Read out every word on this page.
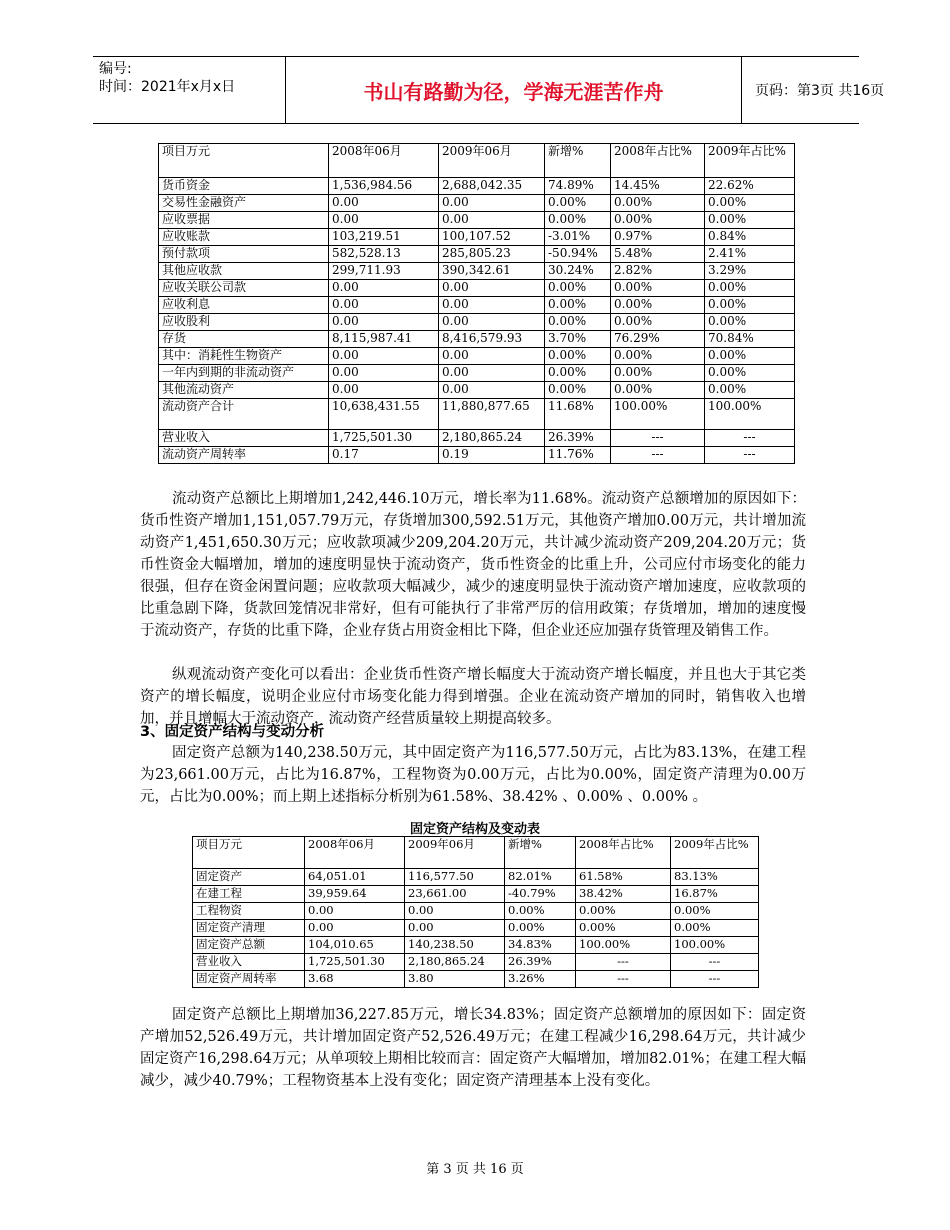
编号:
时间：2021年x月x日	书山有路勤为径，学海无涯苦作舟	页码：第3页 共16页
项目万元	2008年06月	2009年06月	新增%	2008年占比%	2009年占比%
货币资金	1,536,984.56	2,688,042.35	74.89%	14.45%	22.62%
交易性金融资产	0.00	0.00	0.00%	0.00%	0.00%
应收票据	0.00	0.00	0.00%	0.00%	0.00%
应收账款	103,219.51	100,107.52	-3.01%	0.97%	0.84%
预付款项	582,528.13	285,805.23	-50.94%	5.48%	2.41%
其他应收款	299,711.93	390,342.61	30.24%	2.82%	3.29%
应收关联公司款	0.00	0.00	0.00%	0.00%	0.00%
应收利息	0.00	0.00	0.00%	0.00%	0.00%
应收股利	0.00	0.00	0.00%	0.00%	0.00%
存货	8,115,987.41	8,416,579.93	3.70%	76.29%	70.84%
其中：消耗性生物资产	0.00	0.00	0.00%	0.00%	0.00%
一年内到期的非流动资产	0.00	0.00	0.00%	0.00%	0.00%
其他流动资产	0.00	0.00	0.00%	0.00%	0.00%
流动资产合计	10,638,431.55	11,880,877.65	11.68%	100.00%	100.00%
营业收入	1,725,501.30	2,180,865.24	26.39%	---	---
流动资产周转率	0.17	0.19	11.76%	---	---

流动资产总额比上期增加1,242,446.10万元，增长率为11.68%。流动资产总额增加的原因如下：货币性资产增加1,151,057.79万元，存货增加300,592.51万元，其他资产增加0.00万元，共计增加流动资产1,451,650.30万元；应收款项减少209,204.20万元，共计减少流动资产209,204.20万元；货币性资金大幅增加，增加的速度明显快于流动资产，货币性资金的比重上升，公司应付市场变化的能力很强，但存在资金闲置问题；应收款项大幅减少，减少的速度明显快于流动资产增加速度，应收款项的比重急剧下降，货款回笼情况非常好，但有可能执行了非常严厉的信用政策；存货增加，增加的速度慢于流动资产，存货的比重下降，企业存货占用资金相比下降，但企业还应加强存货管理及销售工作。

纵观流动资产变化可以看出：企业货币性资产增长幅度大于流动资产增长幅度，并且也大于其它类资产的增长幅度，说明企业应付市场变化能力得到增强。企业在流动资产增加的同时，销售收入也增加，并且增幅大于流动资产，流动资产经营质量较上期提高较多。

3、固定资产结构与变动分析

固定资产总额为140,238.50万元，其中固定资产为116,577.50万元，占比为83.13%，在建工程为23,661.00万元，占比为16.87%，工程物资为0.00万元，占比为0.00%，固定资产清理为0.00万元，占比为0.00%；而上期上述指标分析别为61.58%、38.42% 、0.00% 、0.00% 。

固定资产结构及变动表
项目万元	2008年06月	2009年06月	新增%	2008年占比%	2009年占比%
固定资产	64,051.01	116,577.50	82.01%	61.58%	83.13%
在建工程	39,959.64	23,661.00	-40.79%	38.42%	16.87%
工程物资	0.00	0.00	0.00%	0.00%	0.00%
固定资产清理	0.00	0.00	0.00%	0.00%	0.00%
固定资产总额	104,010.65	140,238.50	34.83%	100.00%	100.00%
营业收入	1,725,501.30	2,180,865.24	26.39%	---	---
固定资产周转率	3.68	3.80	3.26%	---	---

固定资产总额比上期增加36,227.85万元，增长34.83%；固定资产总额增加的原因如下：固定资产增加52,526.49万元，共计增加固定资产52,526.49万元；在建工程减少16,298.64万元，共计减少固定资产16,298.64万元；从单项较上期相比较而言：固定资产大幅增加，增加82.01%；在建工程大幅减少，减少40.79%；工程物资基本上没有变化；固定资产清理基本上没有变化。

第 3 页 共 16 页
